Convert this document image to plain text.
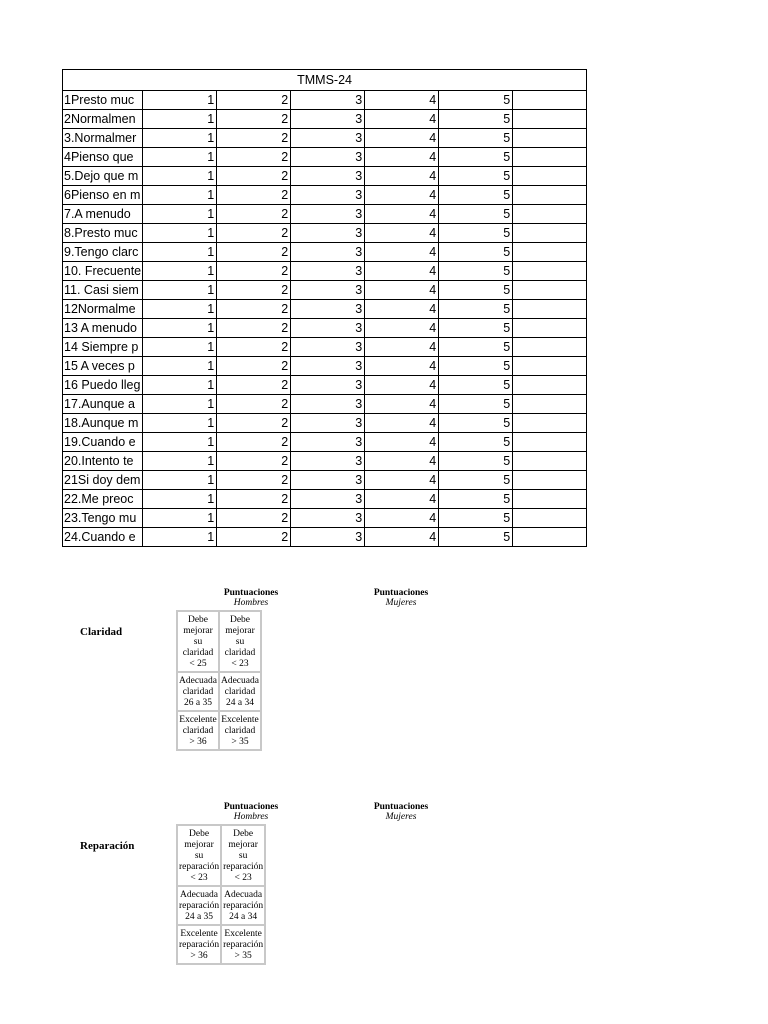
TMMS-24						
1Presto muc	1	2	3	4	5	
2Normalmen	1	2	3	4	5	
3.Normalmer	1	2	3	4	5	
4Pienso que	1	2	3	4	5	
5.Dejo que m	1	2	3	4	5	
6Pienso en m	1	2	3	4	5	
7.A menudo	1	2	3	4	5	
8.Presto muc	1	2	3	4	5	
9.Tengo clarc	1	2	3	4	5	
10. Frecuente	1	2	3	4	5	
11. Casi siem	1	2	3	4	5	
12Normalme	1	2	3	4	5	
13 A menudo	1	2	3	4	5	
14 Siempre p	1	2	3	4	5	
15 A veces p	1	2	3	4	5	
16 Puedo lleg	1	2	3	4	5	
17.Aunque a	1	2	3	4	5	
18.Aunque m	1	2	3	4	5	
19.Cuando e	1	2	3	4	5	
20.Intento te	1	2	3	4	5	
21Si doy dem	1	2	3	4	5	
22.Me preoc	1	2	3	4	5	
23.Tengo mu	1	2	3	4	5	
24.Cuando e	1	2	3	4	5	
Puntuaciones
Hombres
Puntuaciones
Mujeres
Claridad
Debe mejorar su claridad
< 25	Debe mejorar su claridad
< 23

Adecuada claridad
26 a 35	Adecuada claridad
24 a 34

Excelente claridad
> 36	Excelente claridad
> 35
Puntuaciones
Hombres
Puntuaciones
Mujeres
Reparación
Debe mejorar su reparación
< 23	Debe mejorar su reparación
< 23

Adecuada reparación
24 a 35	Adecuada reparación
24 a 34

Excelente reparación
> 36	Excelente reparación
> 35
